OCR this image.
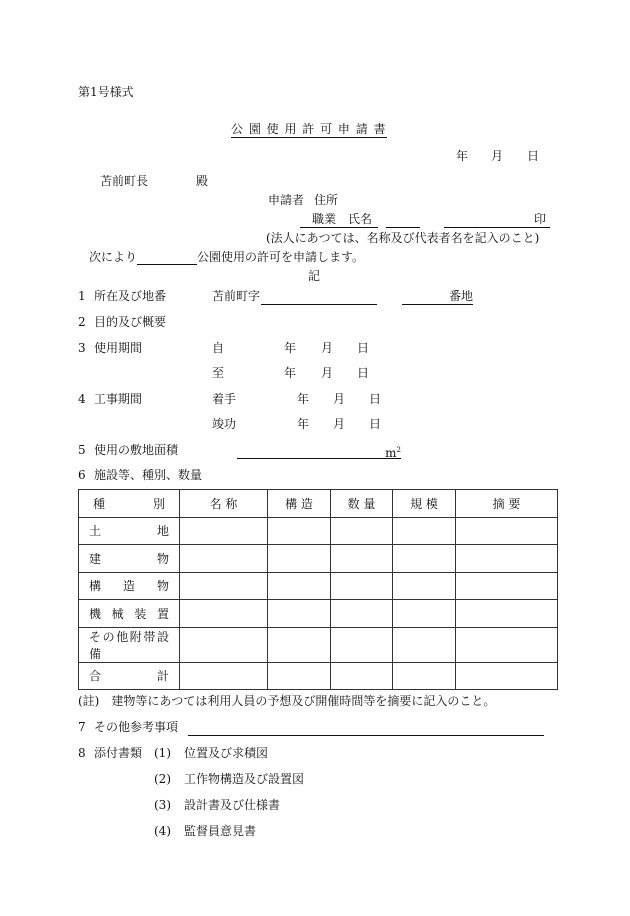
第1号様式
公 園 使 用 許 可 申 請 書
年 月 日
苫前町長	殿
申請者 住所
職業　氏名	印
(法人にあつては、名称及び代表者名を記入のこと)
次により	公園使用の許可を申請します。
記
1 所在及び地番	苫前町字	番地
2 目的及び概要
3 使用期間	自	年 月 日
至	年 月 日
4 工事期間	着手	年 月 日
竣功	年 月 日
5 使用の敷地面積	$m^2$
6 施設等、種別、数量
種別	名 称	構 造	数 量	規 模	摘 要
土地					
建物					
構造物					
機械装置					
その他附帯設備					
合計					
(註)　建物等にあつては利用人員の予想及び開催時間等を摘要に記入のこと。
7 その他参考事項
8 添付書類 (1) 位置及び求積図
(2) 工作物構造及び設置図
(3) 設計書及び仕様書
(4) 監督員意見書
